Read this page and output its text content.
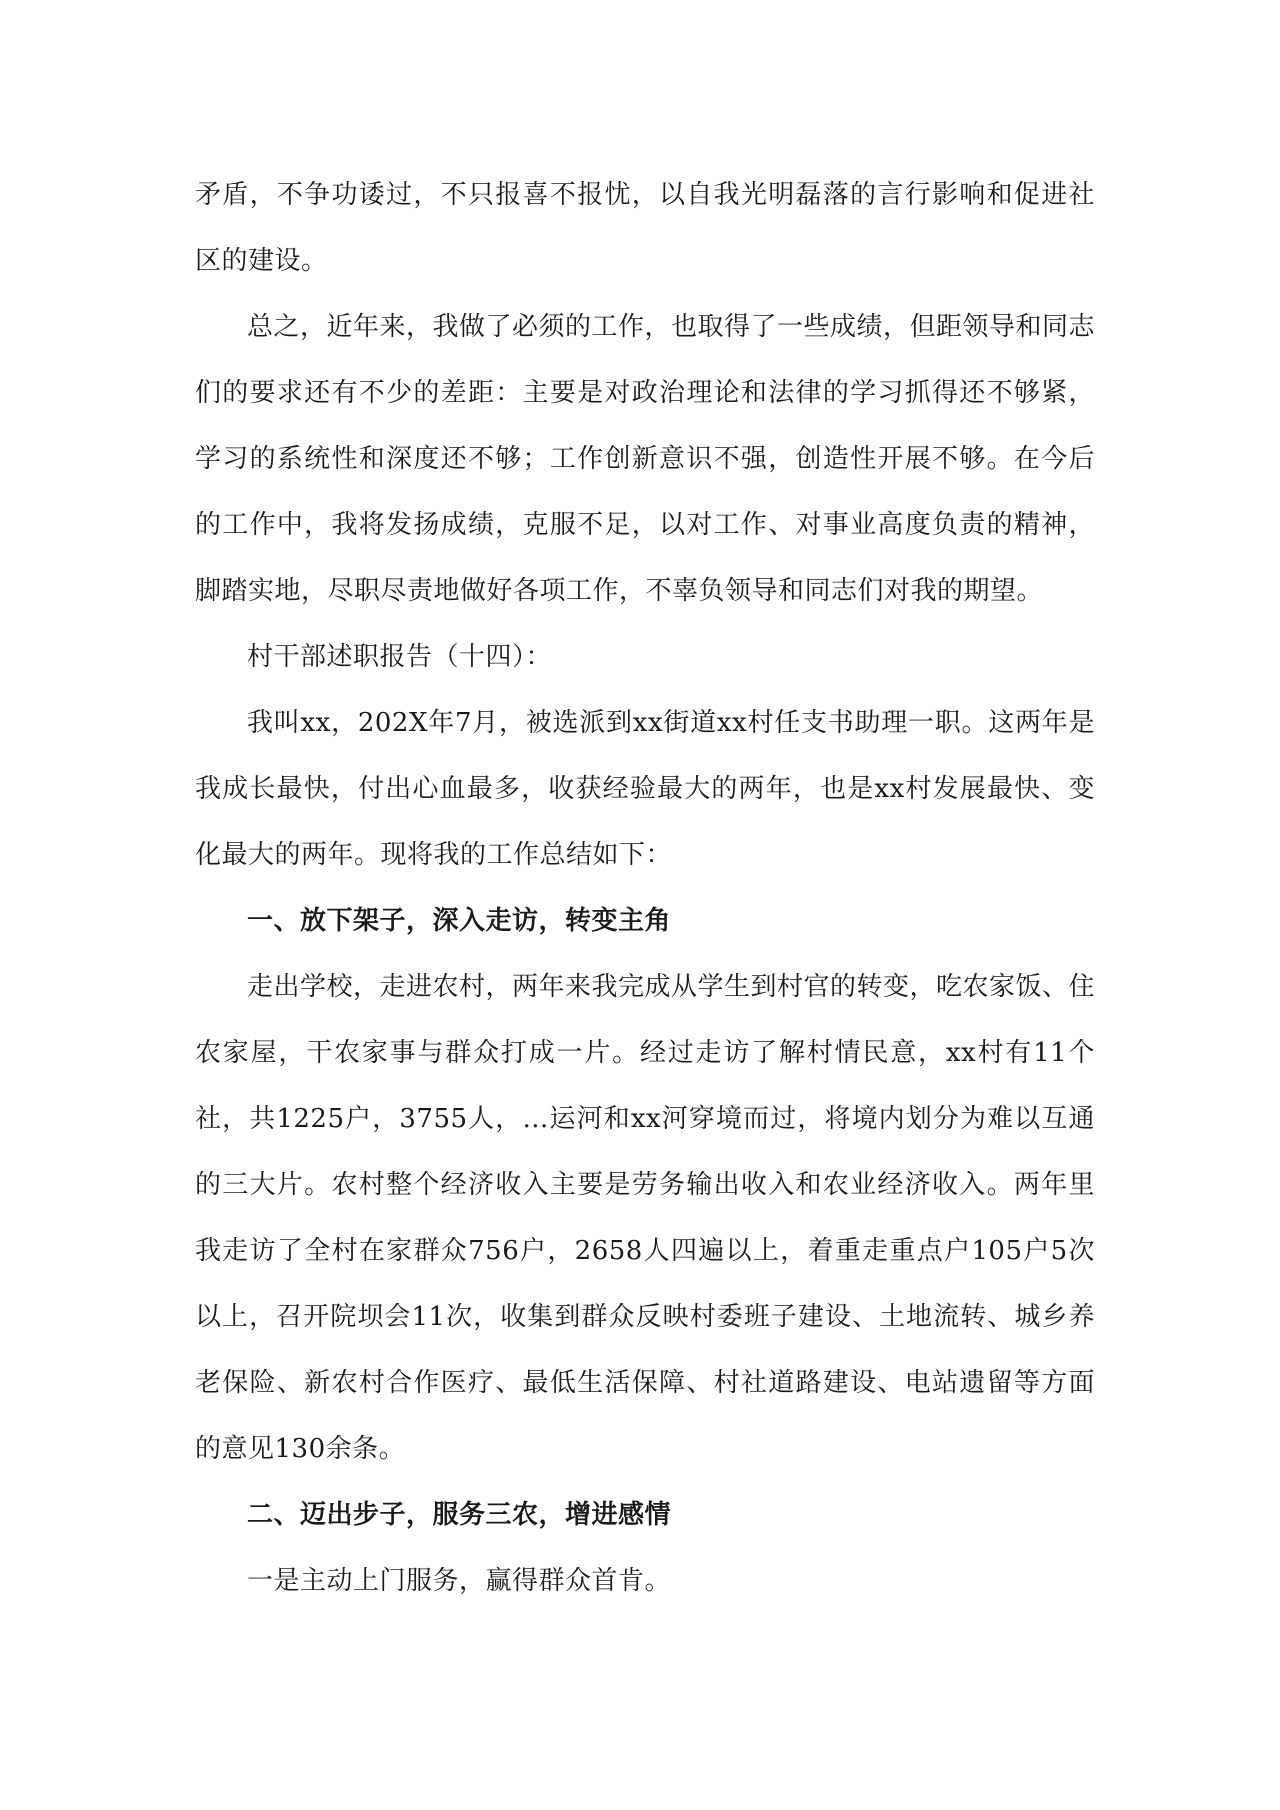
矛盾，不争功诿过，不只报喜不报忧，以自我光明磊落的言行影响和促进社区的建设。

总之，近年来，我做了必须的工作，也取得了一些成绩，但距领导和同志们的要求还有不少的差距：主要是对政治理论和法律的学习抓得还不够紧，学习的系统性和深度还不够；工作创新意识不强，创造性开展不够。在今后的工作中，我将发扬成绩，克服不足，以对工作、对事业高度负责的精神，脚踏实地，尽职尽责地做好各项工作，不辜负领导和同志们对我的期望。

村干部述职报告（十四）：

我叫xx，202X年7月，被选派到xx街道xx村任支书助理一职。这两年是我成长最快，付出心血最多，收获经验最大的两年，也是xx村发展最快、变化最大的两年。现将我的工作总结如下：

一、放下架子，深入走访，转变主角

走出学校，走进农村，两年来我完成从学生到村官的转变，吃农家饭、住农家屋，干农家事与群众打成一片。经过走访了解村情民意，xx村有11个社，共1225户，3755人，…运河和xx河穿境而过，将境内划分为难以互通的三大片。农村整个经济收入主要是劳务输出收入和农业经济收入。两年里我走访了全村在家群众756户，2658人四遍以上，着重走重点户105户5次以上，召开院坝会11次，收集到群众反映村委班子建设、土地流转、城乡养老保险、新农村合作医疗、最低生活保障、村社道路建设、电站遗留等方面的意见130余条。

二、迈出步子，服务三农，增进感情

一是主动上门服务，赢得群众首肯。
